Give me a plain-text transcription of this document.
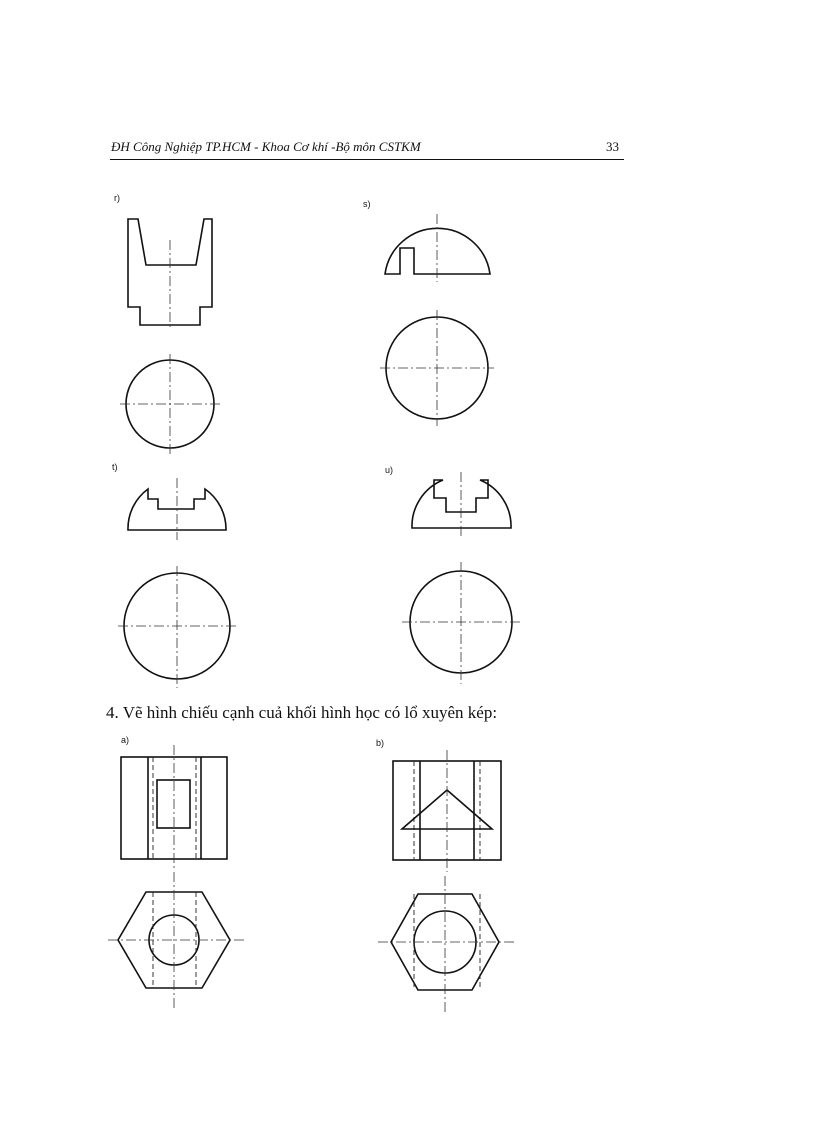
ĐH Công Nghiệp TP.HCM - Khoa Cơ khí -Bộ môn CSTKM	33
r)
s)
t)	u)
4. Vẽ hình chiếu cạnh cuả khối hình học có lổ xuyên kép:
a)	b)
